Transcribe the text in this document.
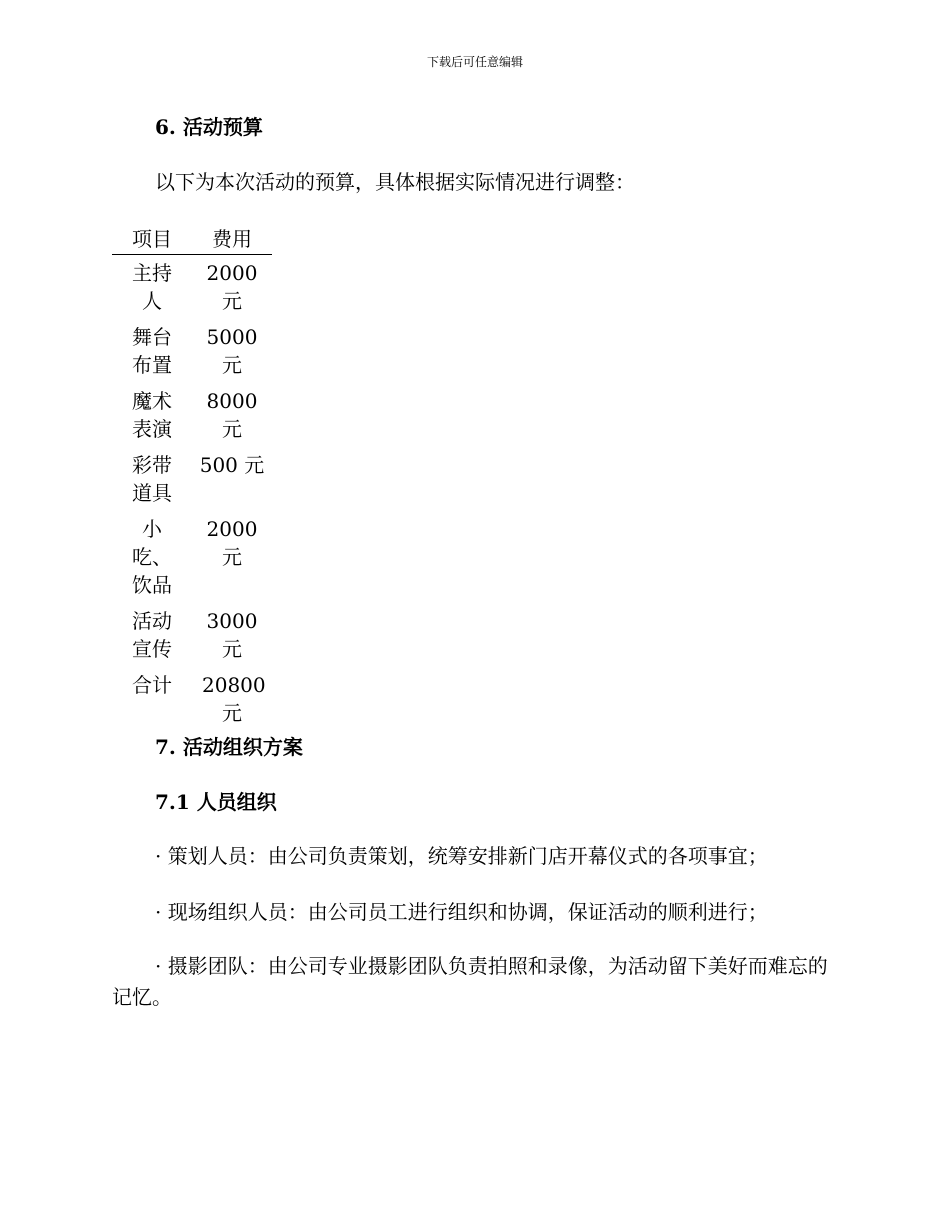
下载后可任意编辑
6. 活动预算
以下为本次活动的预算，具体根据实际情况进行调整：
项目	费用

主持人	2000元

舞台布置	5000元

魔术表演	8000元

彩带道具	500 元

小吃、饮品	2000元

活动宣传	3000元

合计	20800元
7. 活动组织方案
7.1 人员组织
· 策划人员：由公司负责策划，统筹安排新门店开幕仪式的各项事宜；
· 现场组织人员：由公司员工进行组织和协调，保证活动的顺利进行；
· 摄影团队：由公司专业摄影团队负责拍照和录像，为活动留下美好而难忘的记忆。
